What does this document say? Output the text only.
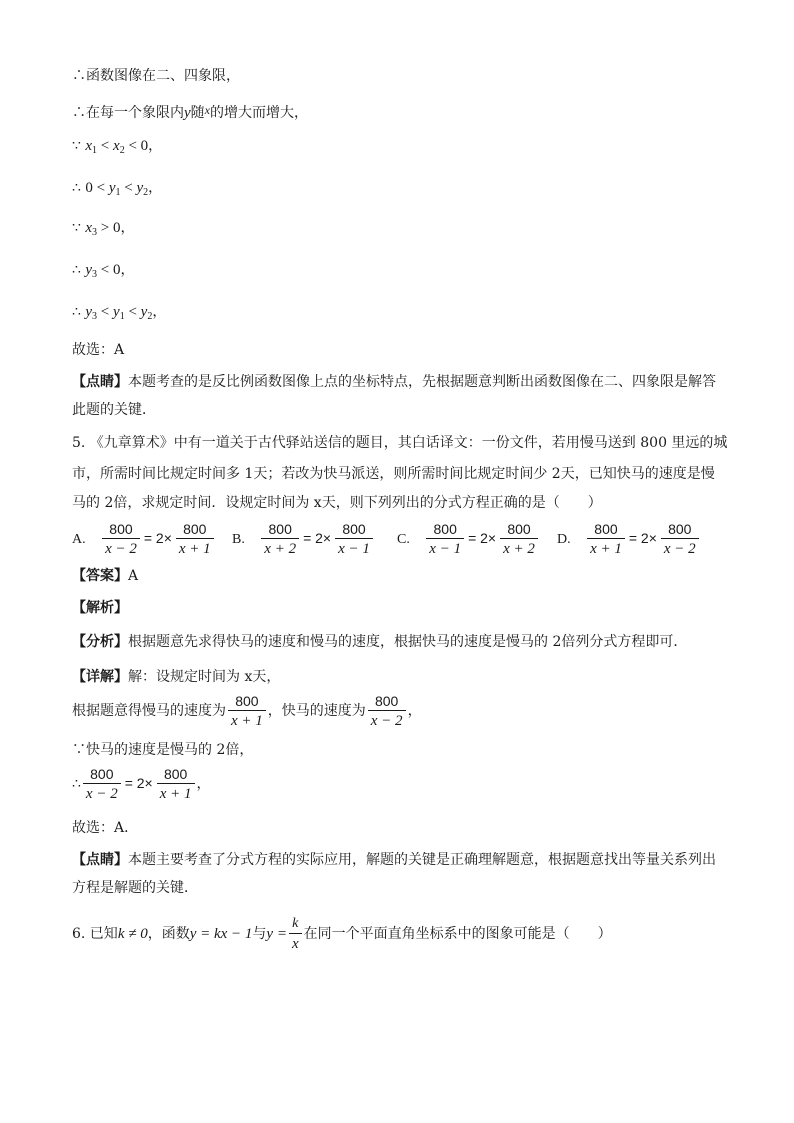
∴函数图像在二、四象限，
∴在每一个象限内y随x的增大而增大，
∵ $x_1 < x_2 < 0$，
∴ $0 < y_1 < y_2$，
∵ $x_3 > 0$，
∴ $y_3 < 0$，
∴ $y_3 < y_1 < y_2$，
故选：A
【点睛】本题考查的是反比例函数图像上点的坐标特点，先根据题意判断出函数图像在二、四象限是解答
此题的关键．
5. 《九章算术》中有一道关于古代驿站送信的题目，其白话译文：一份文件，若用慢马送到 800 里远的城
市，所需时间比规定时间多 1天；若改为快马派送，则所需时间比规定时间少 2天，已知快马的速度是慢
马的 2倍，求规定时间．设规定时间为 x天，则下列列出的分式方程正确的是（　　）
A. $\frac{800}{x - 2} = 2\times \frac{800}{x + 1} B$. $\frac{800}{x + 2} = 2\times \frac{800}{x - 1} C$. $\frac{800}{x - 1} = 2\times \frac{800}{x + 2} D$. $\frac{800}{x + 1} = 2\times \frac{800}{x - 2}$
【答案】A
【解析】
【分析】根据题意先求得快马的速度和慢马的速度，根据快马的速度是慢马的 2倍列分式方程即可．
【详解】解：设规定时间为 x天，
根据题意得慢马的速度为 $\frac{800}{x + 1}$ ，快马的速度为 $\frac{800}{x - 2}$ ，
∵快马的速度是慢马的 2倍，
∴ $\frac{800}{x - 2} = 2\times \frac{800}{x + 1}$ ，
故选：A．
【点睛】本题主要考查了分式方程的实际应用，解题的关键是正确理解题意，根据题意找出等量关系列出
方程是解题的关键．
6. 已知k ≠ 0，函数y = kx − 1与$y = \frac{k}{x}$ 在同一个平面直角坐标系中的图象可能是（　　）
